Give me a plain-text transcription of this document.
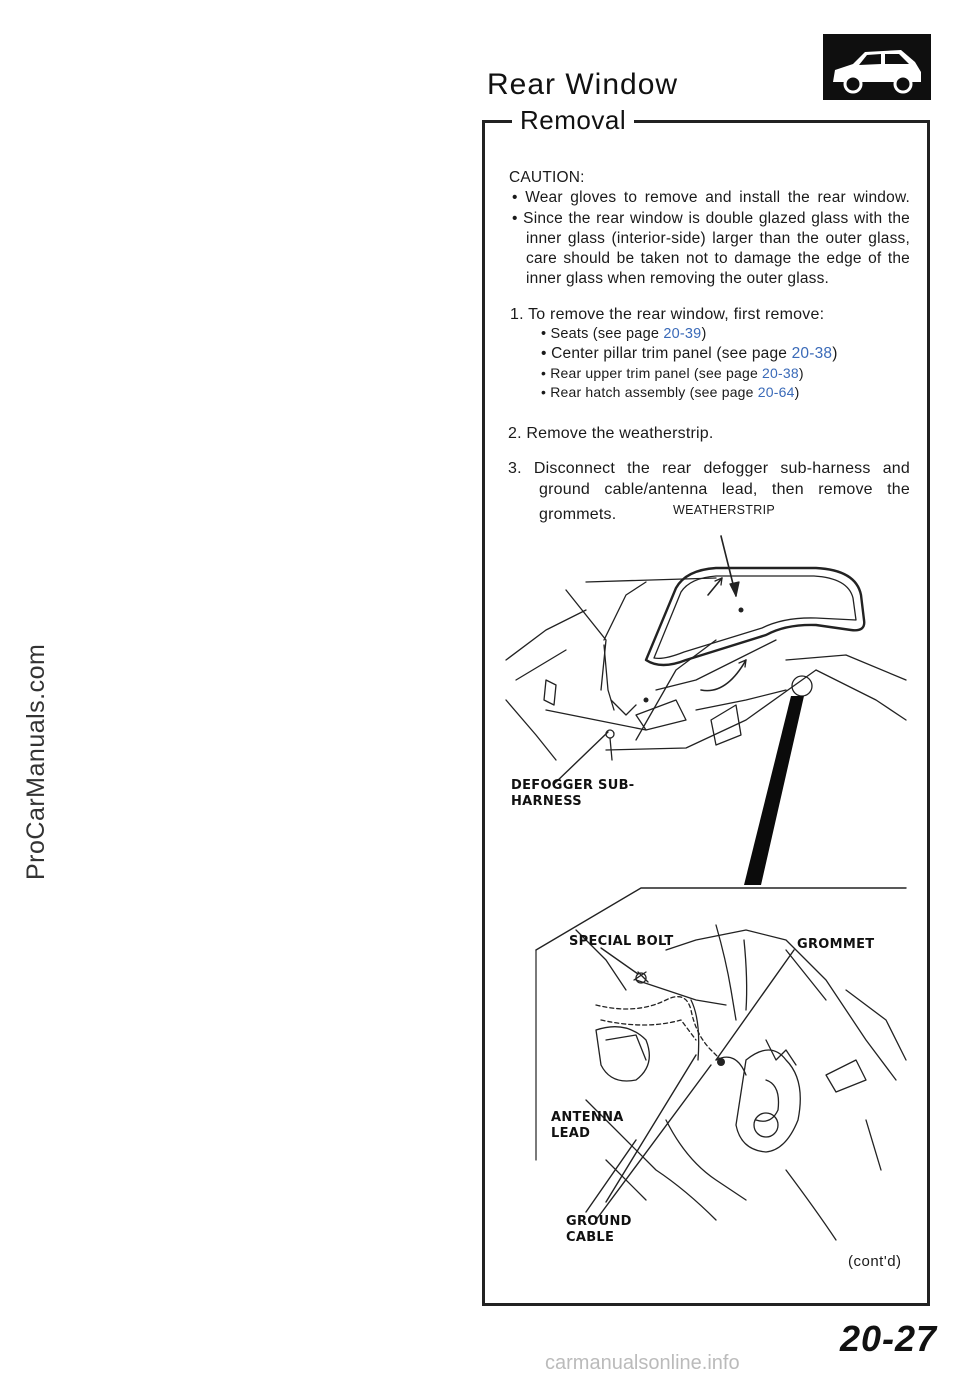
ProCarManuals.com
Rear Window
Removal
CAUTION:
• Wear gloves to remove and install the rear window.
• Since the rear window is double glazed glass with the
inner glass (interior-side) larger than the outer glass,
care should be taken not to damage the edge of the
inner glass when removing the outer glass.
1. To remove the rear window, first remove:
• Seats (see page 20-39)
• Center pillar trim panel (see page 20-38)
• Rear upper trim panel (see page 20-38)
• Rear hatch assembly (see page 20-64)
2. Remove the weatherstrip.
3. Disconnect the rear defogger sub-harness and
ground cable/antenna lead, then remove the
grommets.	WEATHERSTRIP
DEFOGGER SUB-
HARNESS
SPECIAL BOLT	GROMMET
ANTENNA
LEAD
GROUND
CABLE
(cont'd)
20-27
carmanualsonline.info
